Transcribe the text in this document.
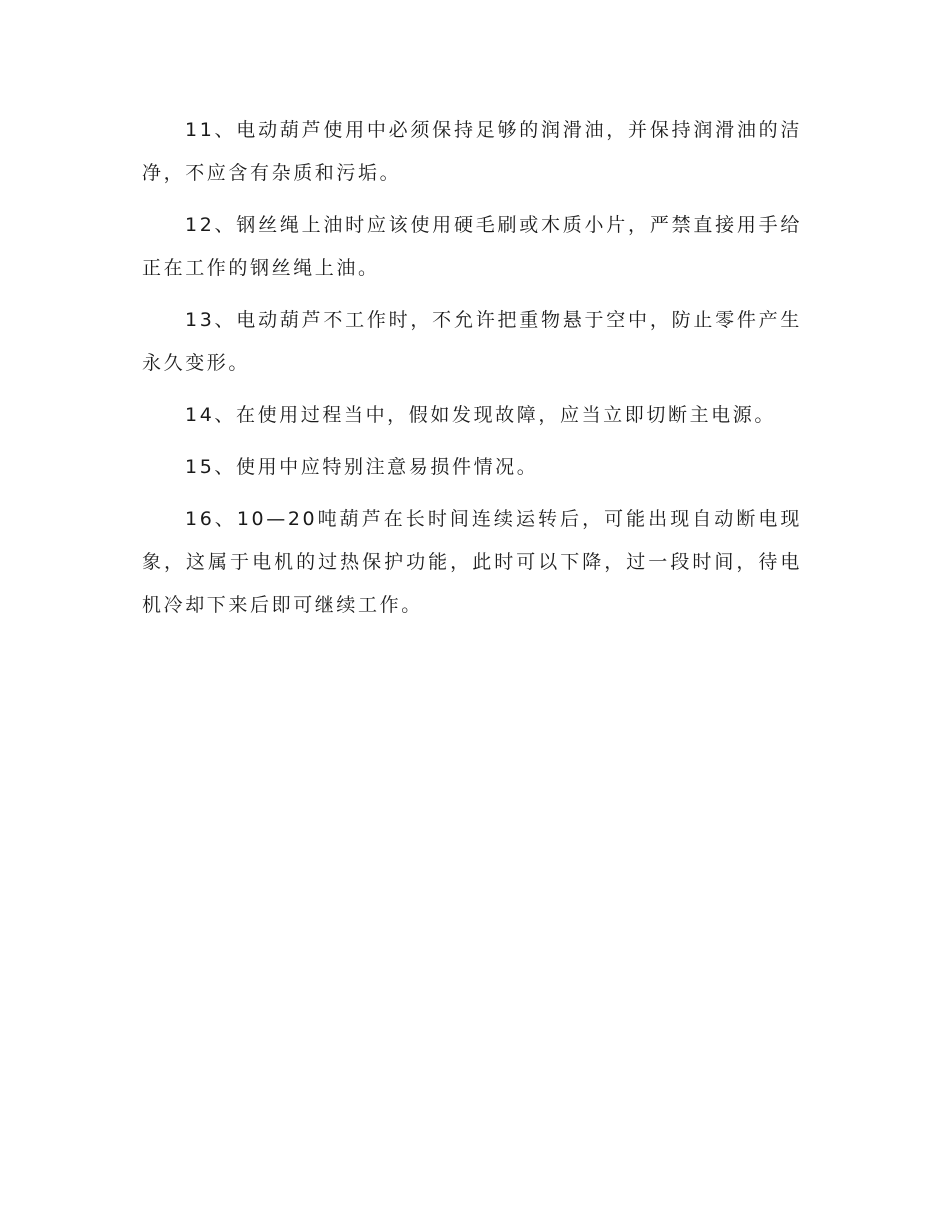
11、电动葫芦使用中必须保持足够的润滑油，并保持润滑油的洁净，不应含有杂质和污垢。

12、钢丝绳上油时应该使用硬毛刷或木质小片，严禁直接用手给正在工作的钢丝绳上油。

13、电动葫芦不工作时，不允许把重物悬于空中，防止零件产生永久变形。

14、在使用过程当中，假如发现故障，应当立即切断主电源。

15、使用中应特别注意易损件情况。

16、10—20吨葫芦在长时间连续运转后，可能出现自动断电现象，这属于电机的过热保护功能，此时可以下降，过一段时间，待电机冷却下来后即可继续工作。
